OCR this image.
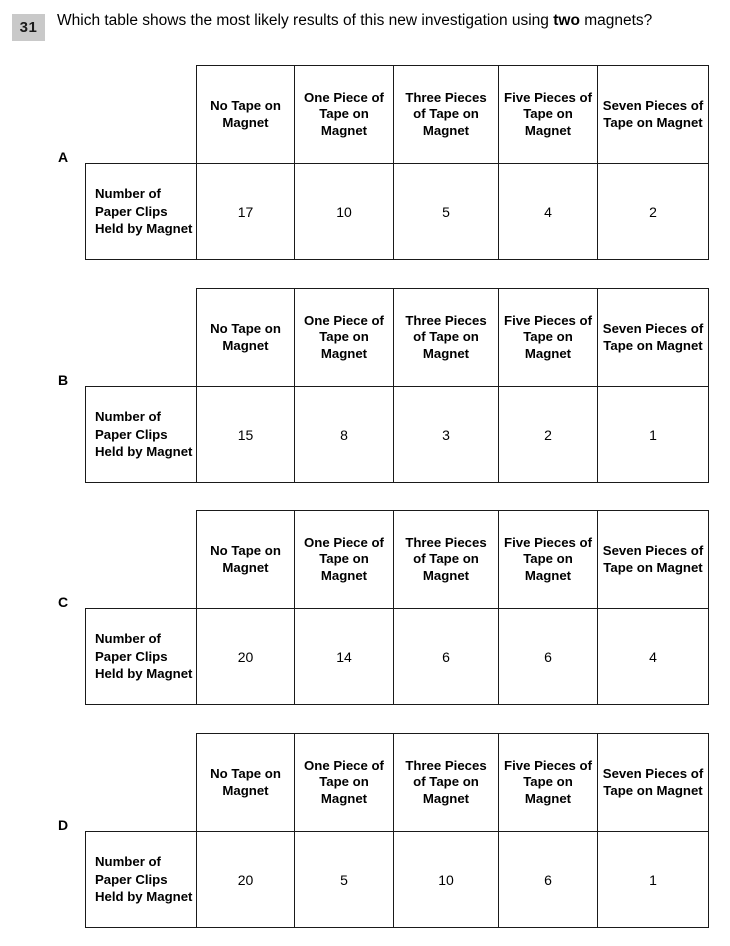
31	Which table shows the most likely results of this new investigation using two magnets?
A
	No Tape on Magnet	One Piece of Tape on Magnet	Three Pieces of Tape on Magnet	Five Pieces of Tape on Magnet	Seven Pieces of Tape on Magnet
Number of Paper Clips Held by Magnet	17	10	5	4	2
B
	No Tape on Magnet	One Piece of Tape on Magnet	Three Pieces of Tape on Magnet	Five Pieces of Tape on Magnet	Seven Pieces of Tape on Magnet
Number of Paper Clips Held by Magnet	15	8	3	2	1
C
	No Tape on Magnet	One Piece of Tape on Magnet	Three Pieces of Tape on Magnet	Five Pieces of Tape on Magnet	Seven Pieces of Tape on Magnet
Number of Paper Clips Held by Magnet	20	14	6	6	4
D
	No Tape on Magnet	One Piece of Tape on Magnet	Three Pieces of Tape on Magnet	Five Pieces of Tape on Magnet	Seven Pieces of Tape on Magnet
Number of Paper Clips Held by Magnet	20	5	10	6	1
